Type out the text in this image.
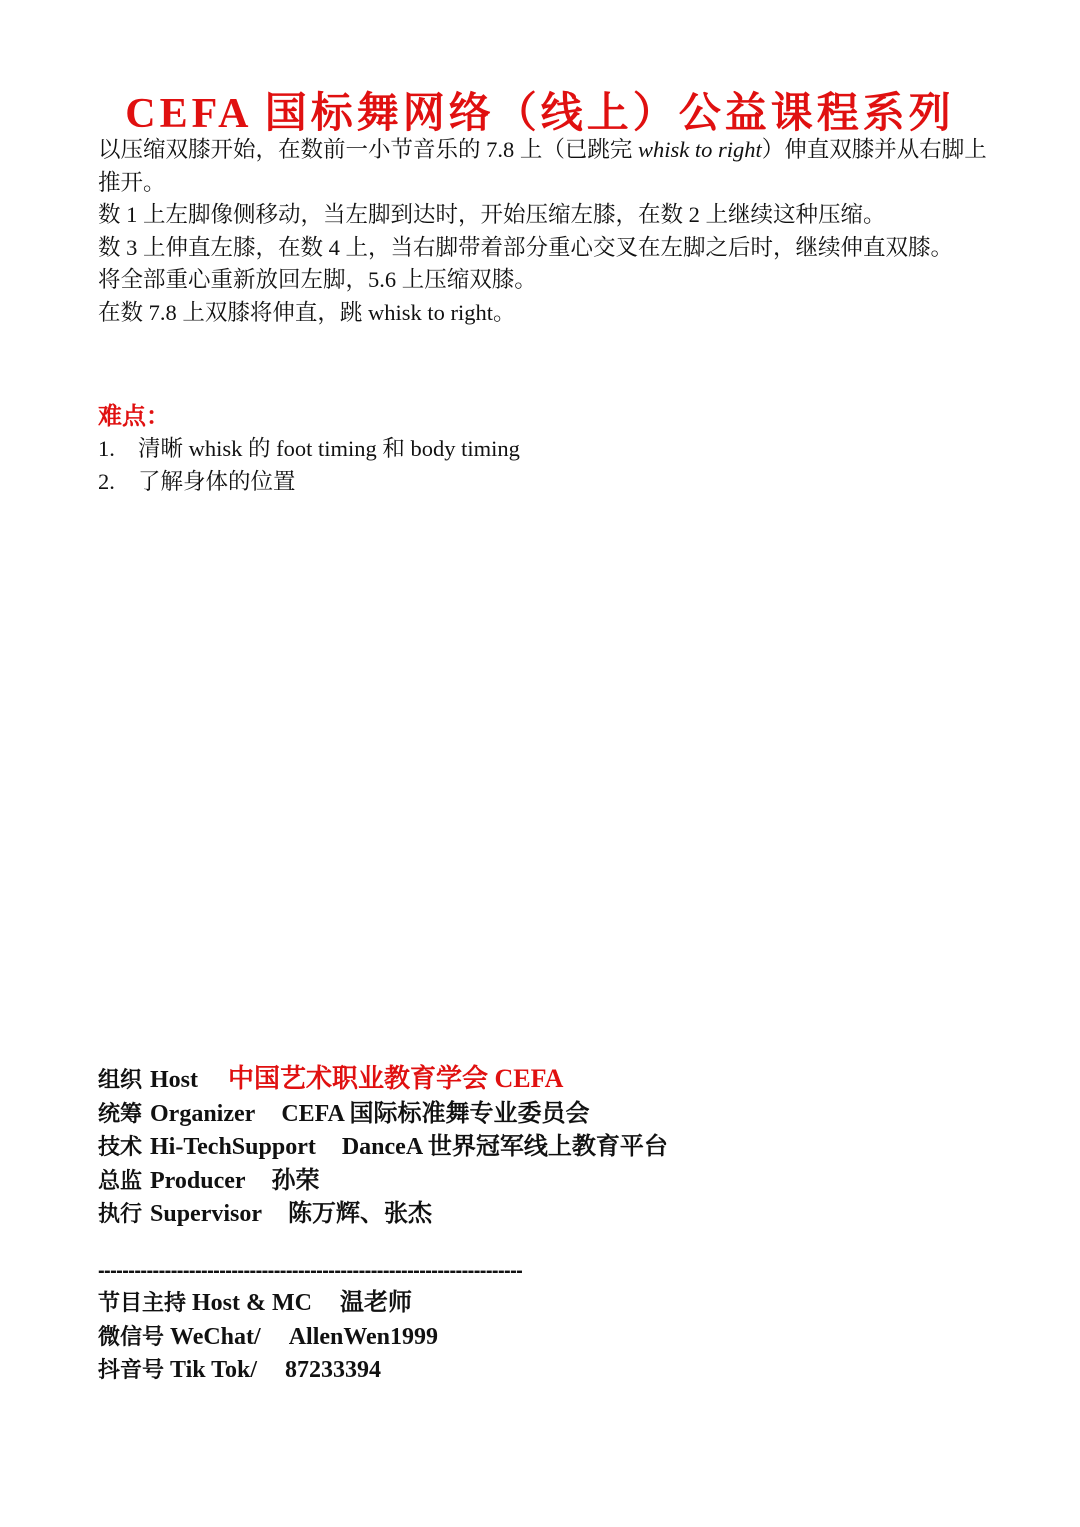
CEFA 国标舞网络（线上）公益课程系列

以压缩双膝开始，在数前一小节音乐的 7.8 上（已跳完 whisk to right）伸直双膝并从右脚上推开。

数 1 上左脚像侧移动，当左脚到达时，开始压缩左膝，在数 2 上继续这种压缩。

数 3 上伸直左膝，在数 4 上，当右脚带着部分重心交叉在左脚之后时，继续伸直双膝。

将全部重心重新放回左脚，5.6 上压缩双膝。

在数 7.8 上双膝将伸直，跳 whisk to right。

难点：
1. 清晰 whisk 的 foot timing 和 body timing
2. 了解身体的位置
组织 Host 中国艺术职业教育学会 CEFA
统筹 Organizer CEFA 国际标准舞专业委员会
技术 Hi-TechSupport DanceA 世界冠军线上教育平台
总监 Producer 孙荣
执行 Supervisor 陈万辉、张杰
----------------------------------------------------------------------
节目主持 Host & MC 温老师
微信号 WeChat/ AllenWen1999
抖音号 Tik Tok/ 87233394
